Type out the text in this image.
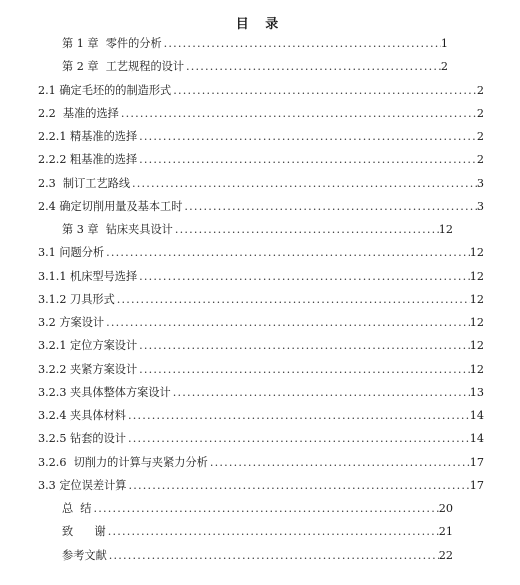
目 录
第 1 章  零件的分析 .....	1
第 2 章  工艺规程的设计 .....	2
2.1 确定毛坯的的制造形式 .....	2
2.2  基准的选择 .....	2
2.2.1 精基准的选择 .....	2
2.2.2 粗基准的选择 .....	2
2.3  制订工艺路线 .....	3
2.4 确定切削用量及基本工时 .....	3
第 3 章  钻床夹具设计 .....	12
3.1 问题分析 .....	12
3.1.1 机床型号选择 .....	12
3.1.2 刀具形式 .....	12
3.2 方案设计 .....	12
3.2.1 定位方案设计 .....	12
3.2.2 夹紧方案设计 .....	12
3.2.3 夹具体整体方案设计 .....	13
3.2.4 夹具体材料 .....	14
3.2.5 钻套的设计 .....	14
3.2.6  切削力的计算与夹紧力分析 .....	17
3.3 定位误差计算 .....	17
总  结 .....	20
致      谢 .....	21
参考文献 .....	22
